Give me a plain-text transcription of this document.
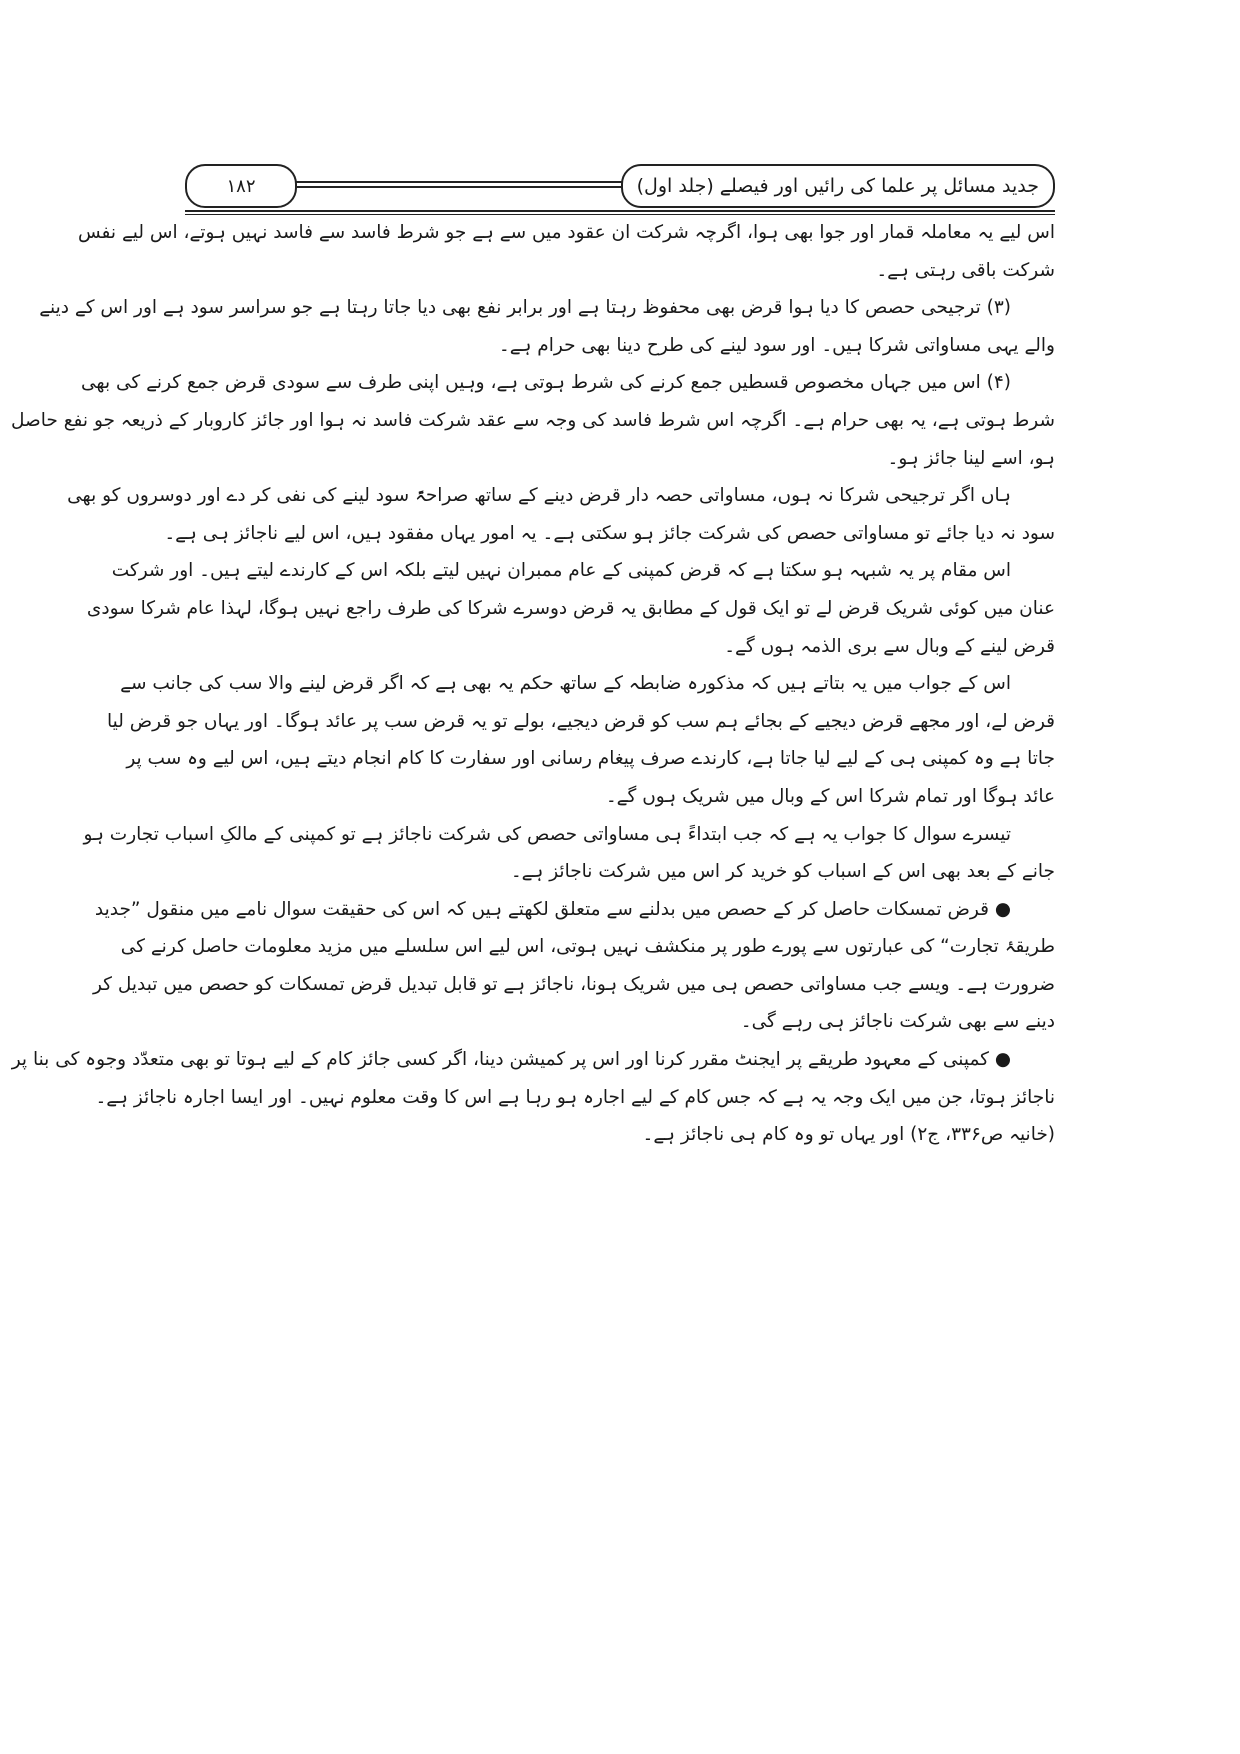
۱۸۲	جدید مسائل پر علما کی رائیں اور فیصلے (جلد اول)
اس لیے یہ معاملہ قمار اور جوا بھی ہوا، اگرچہ شرکت ان عقود میں سے ہے جو شرط فاسد سے فاسد نہیں ہوتے، اس لیے نفس
شرکت باقی رہتی ہے۔
(۳) ترجیحی حصص کا دیا ہوا قرض بھی محفوظ رہتا ہے اور برابر نفع بھی دیا جاتا رہتا ہے جو سراسر سود ہے اور اس کے دینے
والے یہی مساواتی شرکا ہیں۔ اور سود لینے کی طرح دینا بھی حرام ہے۔
(۴) اس میں جہاں مخصوص قسطیں جمع کرنے کی شرط ہوتی ہے، وہیں اپنی طرف سے سودی قرض جمع کرنے کی بھی
شرط ہوتی ہے، یہ بھی حرام ہے۔ اگرچہ اس شرط فاسد کی وجہ سے عقد شرکت فاسد نہ ہوا اور جائز کاروبار کے ذریعہ جو نفع حاصل
ہو، اسے لینا جائز ہو۔
ہاں اگر ترجیحی شرکا نہ ہوں، مساواتی حصہ دار قرض دینے کے ساتھ صراحۃً سود لینے کی نفی کر دے اور دوسروں کو بھی
سود نہ دیا جائے تو مساواتی حصص کی شرکت جائز ہو سکتی ہے۔ یہ امور یہاں مفقود ہیں، اس لیے ناجائز ہی ہے۔
اس مقام پر یہ شبہہ ہو سکتا ہے کہ قرض کمپنی کے عام ممبران نہیں لیتے بلکہ اس کے کارندے لیتے ہیں۔ اور شرکت
عنان میں کوئی شریک قرض لے تو ایک قول کے مطابق یہ قرض دوسرے شرکا کی طرف راجع نہیں ہوگا، لہذا عام شرکا سودی
قرض لینے کے وبال سے بری الذمہ ہوں گے۔
اس کے جواب میں یہ بتاتے ہیں کہ مذکورہ ضابطہ کے ساتھ حکم یہ بھی ہے کہ اگر قرض لینے والا سب کی جانب سے
قرض لے، اور مجھے قرض دیجیے کے بجائے ہم سب کو قرض دیجیے، بولے تو یہ قرض سب پر عائد ہوگا۔ اور یہاں جو قرض لیا
جاتا ہے وہ کمپنی ہی کے لیے لیا جاتا ہے، کارندے صرف پیغام رسانی اور سفارت کا کام انجام دیتے ہیں، اس لیے وہ سب پر
عائد ہوگا اور تمام شرکا اس کے وبال میں شریک ہوں گے۔
تیسرے سوال کا جواب یہ ہے کہ جب ابتداءً ہی مساواتی حصص کی شرکت ناجائز ہے تو کمپنی کے مالکِ اسباب تجارت ہو
جانے کے بعد بھی اس کے اسباب کو خرید کر اس میں شرکت ناجائز ہے۔
● قرض تمسکات حاصل کر کے حصص میں بدلنے سے متعلق لکھتے ہیں کہ اس کی حقیقت سوال نامے میں منقول ”جدید
طریقۂ تجارت“ کی عبارتوں سے پورے طور پر منکشف نہیں ہوتی، اس لیے اس سلسلے میں مزید معلومات حاصل کرنے کی
ضرورت ہے۔ ویسے جب مساواتی حصص ہی میں شریک ہونا، ناجائز ہے تو قابل تبدیل قرض تمسکات کو حصص میں تبدیل کر
دینے سے بھی شرکت ناجائز ہی رہے گی۔
● کمپنی کے معہود طریقے پر ایجنٹ مقرر کرنا اور اس پر کمیشن دینا، اگر کسی جائز کام کے لیے ہوتا تو بھی متعدّد وجوہ کی بنا پر
ناجائز ہوتا، جن میں ایک وجہ یہ ہے کہ جس کام کے لیے اجارہ ہو رہا ہے اس کا وقت معلوم نہیں۔ اور ایسا اجارہ ناجائز ہے۔
(خانیہ ص۳۳۶، ج۲) اور یہاں تو وہ کام ہی ناجائز ہے۔
